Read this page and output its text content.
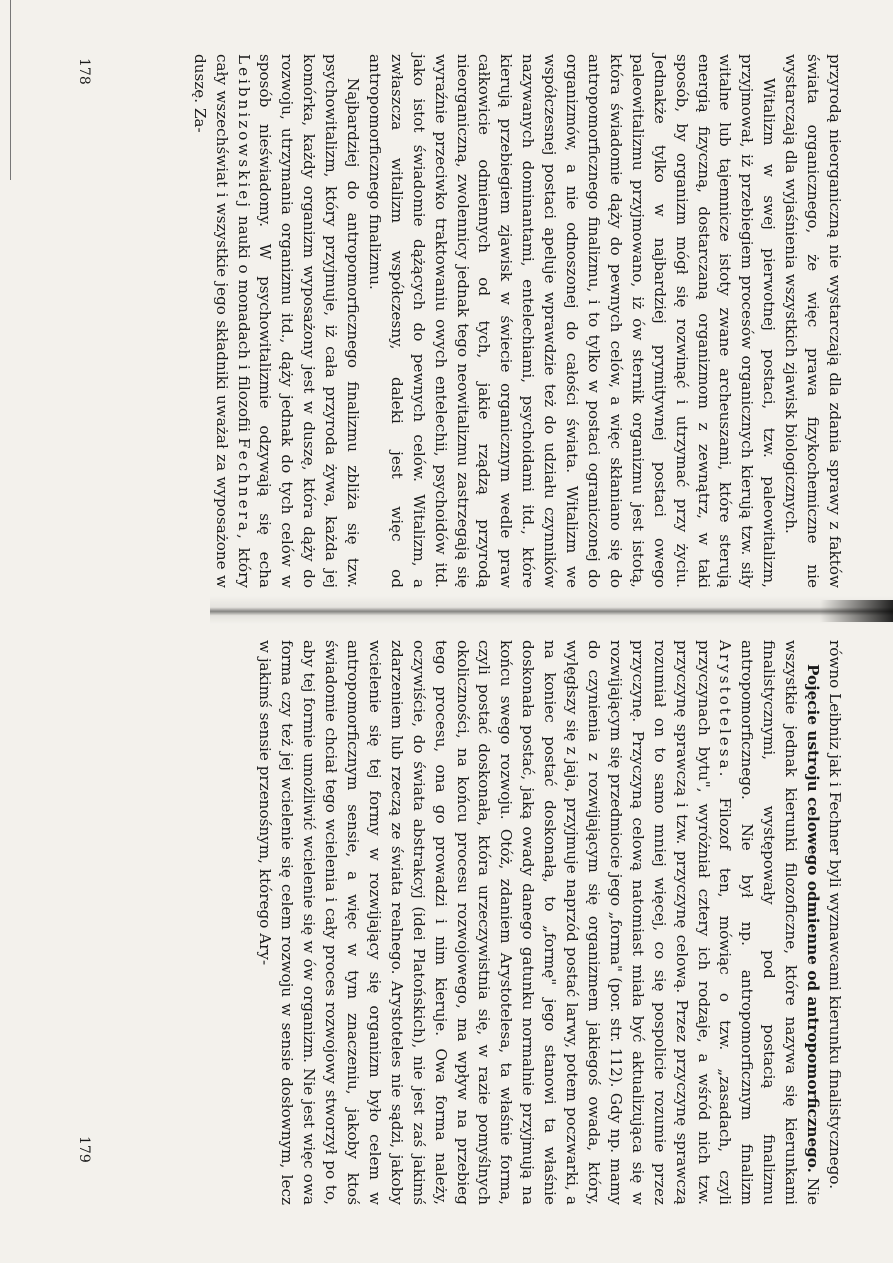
przyrodą nieorganiczną nie wystarczają dla zdania sprawy z faktów świata organicznego, że więc prawa fizykochemiczne nie wystarczają dla wyjaśnienia wszystkich zjawisk biologicznych.

Witalizm w swej pierwotnej postaci, tzw. paleowitalizm, przyjmował, iż przebiegiem procesów organicznych kierują tzw. siły witalne lub tajemnicze istoty zwane archeuszami, które sterują energią fizyczną, dostarczaną organizmom z zewnątrz, w taki sposób, by organizm mógł się rozwinąć i utrzymać przy życiu. Jednakże tylko w najbardziej prymitywnej postaci owego paleowitalizmu przyjmowano, iż ów sternik organizmu jest istotą, która świadomie dąży do pewnych celów, a więc skłaniano się do antropomorficznego finalizmu, i to tylko w postaci ograniczonej do organizmów, a nie odnoszonej do całości świata. Witalizm we współczesnej postaci apeluje wprawdzie też do udziału czynników nazywanych dominantami, entelechiami, psychoidami itd., które kierują przebiegiem zjawisk w świecie organicznym wedle praw całkowicie odmiennych od tych, jakie rządzą przyrodą nieorganiczną, zwolennicy jednak tego neowitalizmu zastrzegają się wyraźnie przeciwko traktowaniu owych entelechii, psychoidów itd. jako istot świadomie dążących do pewnych celów. Witalizm, a zwłaszcza witalizm współczesny, daleki jest więc od antropomorficznego finalizmu.

Najbardziej do antropomorficznego finalizmu zbliża się tzw. psychowitalizm, który przyjmuje, iż cała przyroda żywa, każda jej komórka, każdy organizm wyposażony jest w duszę, która dąży do rozwoju, utrzymania organizmu itd., dąży jednak do tych celów w sposób nieświadomy. W psychowitalizmie odzywają się echa Leibnizowskiej nauki o monadach i filozofii Fechnera, który cały wszechświat i wszystkie jego składniki uważał za wyposażone w duszę. Za-

równo Leibniz jak i Fechner byli wyznawcami kierunku finalistycznego.

Pojęcie ustroju celowego odmienne od antropomorficznego. Nie wszystkie jednak kierunki filozoficzne, które nazywa się kierunkami finalistycznymi, występowały pod postacią finalizmu antropomorficznego. Nie był np. antropomorficznym finalizm Arystotelesa. Filozof ten, mówiąc o tzw. „zasadach, czyli przyczynach bytu", wyróżniał cztery ich rodzaje, a wśród nich tzw. przyczynę sprawczą i tzw. przyczynę celową. Przez przyczynę sprawczą rozumiał on to samo mniej więcej, co się pospolicie rozumie przez przyczynę. Przyczyną celową natomiast miała być aktualizująca się w rozwijającym się przedmiocie jego „forma" (por. str. 112). Gdy np. mamy do czynienia z rozwijającym się organizmem jakiegoś owada, który, wylęgłszy się z jaja, przyjmuje naprzód postać larwy, potem poczwarki, a na koniec postać doskonałą, to „formę" jego stanowi ta właśnie doskonała postać, jaką owady danego gatunku normalnie przyjmują na końcu swego rozwoju. Otóż, zdaniem Arystotelesa, ta właśnie forma, czyli postać doskonała, która urzeczywistnia się, w razie pomyślnych okoliczności, na końcu procesu rozwojowego, ma wpływ na przebieg tego procesu, ona go prowadzi i nim kieruje. Owa forma należy, oczywiście, do świata abstrakcyj (idei Platońskich), nie jest zaś jakimś zdarzeniem lub rzeczą ze świata realnego. Arystoteles nie sądzi, jakoby wcielenie się tej formy w rozwijający się organizm było celem w antropomorficznym sensie, a więc w tym znaczeniu, jakoby ktoś świadomie chciał tego wcielenia i cały proces rozwojowy stworzył po to, aby tej formie umożliwić wcielenie się w ów organizm. Nie jest więc owa forma czy też jej wcielenie się celem rozwoju w sensie dosłownym, lecz w jakimś sensie przenośnym, którego Ary-

178
179
